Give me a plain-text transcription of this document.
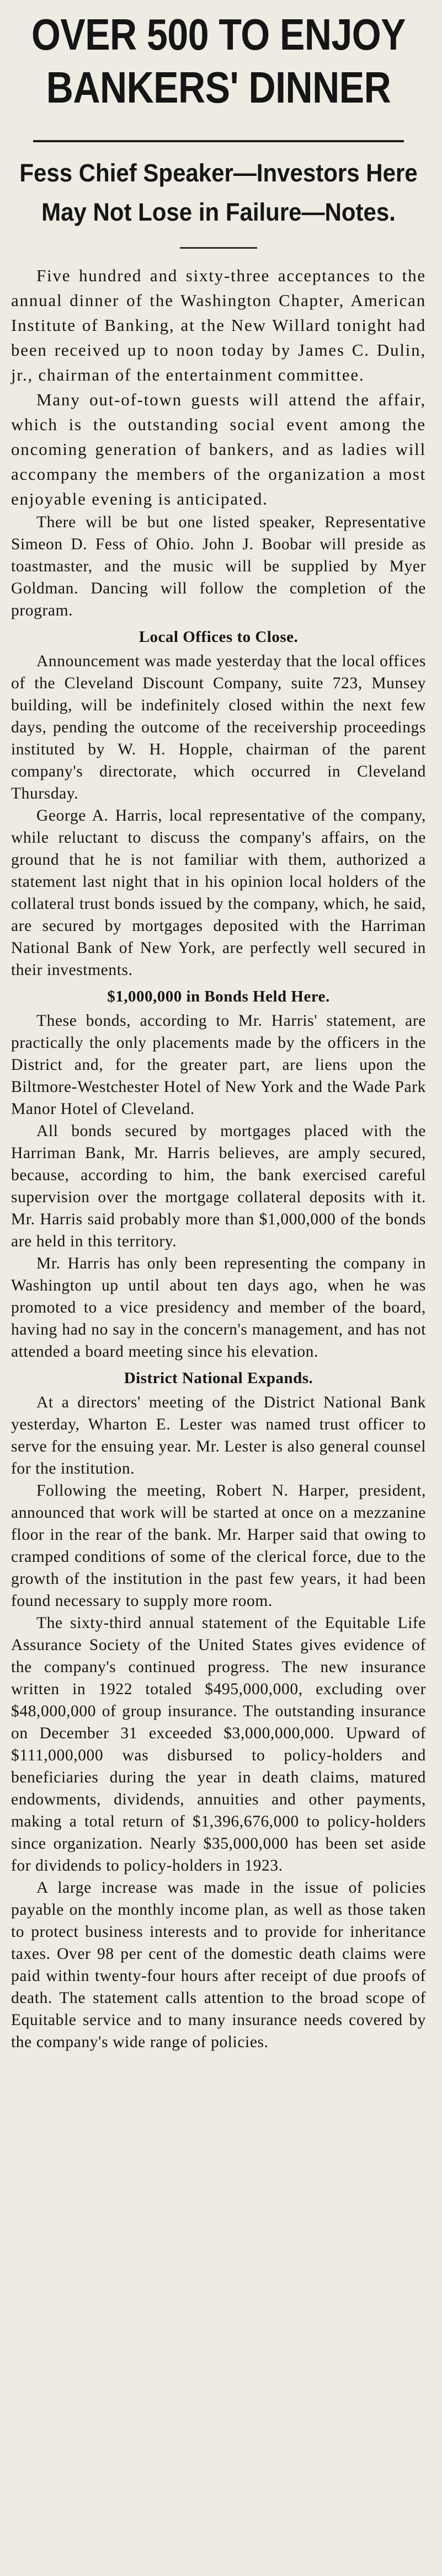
OVER 500 TO ENJOY
BANKERS' DINNER
Fess Chief Speaker—Investors Here May Not Lose in Failure—Notes.

Five hundred and sixty-three acceptances to the annual dinner of the Washington Chapter, American Institute of Banking, at the New Willard tonight had been received up to noon today by James C. Dulin, jr., chairman of the entertainment committee.

Many out-of-town guests will attend the affair, which is the outstanding social event among the oncoming generation of bankers, and as ladies will accompany the members of the organization a most enjoyable evening is anticipated.

There will be but one listed speaker, Representative Simeon D. Fess of Ohio. John J. Boobar will preside as toastmaster, and the music will be supplied by Myer Goldman. Dancing will follow the completion of the program.

Local Offices to Close.

Announcement was made yesterday that the local offices of the Cleveland Discount Company, suite 723, Munsey building, will be indefinitely closed within the next few days, pending the outcome of the receivership proceedings instituted by W. H. Hopple, chairman of the parent company's directorate, which occurred in Cleveland Thursday.

George A. Harris, local representative of the company, while reluctant to discuss the company's affairs, on the ground that he is not familiar with them, authorized a statement last night that in his opinion local holders of the collateral trust bonds issued by the company, which, he said, are secured by mortgages deposited with the Harriman National Bank of New York, are perfectly well secured in their investments.

$1,000,000 in Bonds Held Here.

These bonds, according to Mr. Harris' statement, are practically the only placements made by the officers in the District and, for the greater part, are liens upon the Biltmore-Westchester Hotel of New York and the Wade Park Manor Hotel of Cleveland.

All bonds secured by mortgages placed with the Harriman Bank, Mr. Harris believes, are amply secured, because, according to him, the bank exercised careful supervision over the mortgage collateral deposits with it. Mr. Harris said probably more than $1,000,000 of the bonds are held in this territory.

Mr. Harris has only been representing the company in Washington up until about ten days ago, when he was promoted to a vice presidency and member of the board, having had no say in the concern's management, and has not attended a board meeting since his elevation.

District National Expands.

At a directors' meeting of the District National Bank yesterday, Wharton E. Lester was named trust officer to serve for the ensuing year. Mr. Lester is also general counsel for the institution.

Following the meeting, Robert N. Harper, president, announced that work will be started at once on a mezzanine floor in the rear of the bank. Mr. Harper said that owing to cramped conditions of some of the clerical force, due to the growth of the institution in the past few years, it had been found necessary to supply more room.

The sixty-third annual statement of the Equitable Life Assurance Society of the United States gives evidence of the company's continued progress. The new insurance written in 1922 totaled $495,000,000, excluding over $48,000,000 of group insurance. The outstanding insurance on December 31 exceeded $3,000,000,000. Upward of $111,000,000 was disbursed to policy-holders and beneficiaries during the year in death claims, matured endowments, dividends, annuities and other payments, making a total return of $1,396,676,000 to policy-holders since organization. Nearly $35,000,000 has been set aside for dividends to policy-holders in 1923.

A large increase was made in the issue of policies payable on the monthly income plan, as well as those taken to protect business interests and to provide for inheritance taxes. Over 98 per cent of the domestic death claims were paid within twenty-four hours after receipt of due proofs of death. The statement calls attention to the broad scope of Equitable service and to many insurance needs covered by the company's wide range of policies.
